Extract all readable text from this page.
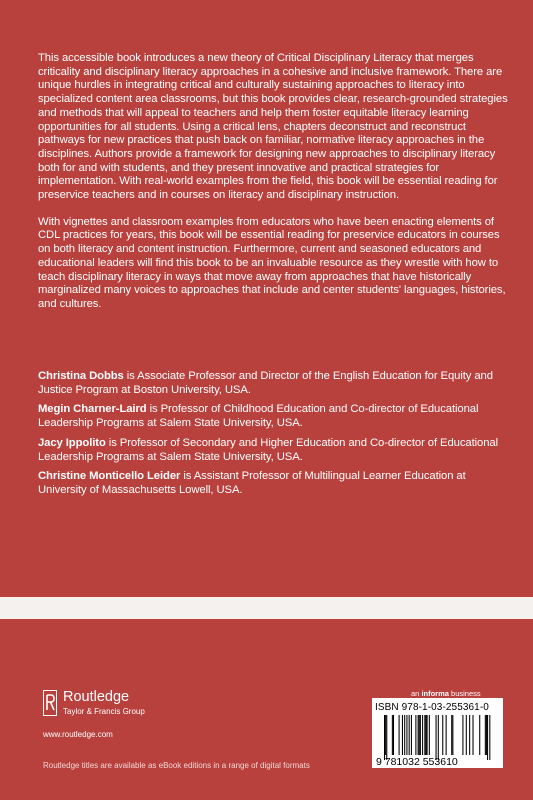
This accessible book introduces a new theory of Critical Disciplinary Literacy that merges criticality and disciplinary literacy approaches in a cohesive and inclusive framework. There are unique hurdles in integrating critical and culturally sustaining approaches to literacy into specialized content area classrooms, but this book provides clear, research-grounded strategies and methods that will appeal to teachers and help them foster equitable literacy learning opportunities for all students. Using a critical lens, chapters deconstruct and reconstruct pathways for new practices that push back on familiar, normative literacy approaches in the disciplines. Authors provide a framework for designing new approaches to disciplinary literacy both for and with students, and they present innovative and practical strategies for implementation. With real-world examples from the field, this book will be essential reading for preservice teachers and in courses on literacy and disciplinary instruction.

With vignettes and classroom examples from educators who have been enacting elements of CDL practices for years, this book will be essential reading for preservice educators in courses on both literacy and content instruction. Furthermore, current and seasoned educators and educational leaders will find this book to be an invaluable resource as they wrestle with how to teach disciplinary literacy in ways that move away from approaches that have historically marginalized many voices to approaches that include and center students' languages, histories, and cultures.

Christina Dobbs is Associate Professor and Director of the English Education for Equity and Justice Program at Boston University, USA.

Megin Charner-Laird is Professor of Childhood Education and Co-director of Educational Leadership Programs at Salem State University, USA.

Jacy Ippolito is Professor of Secondary and Higher Education and Co-director of Educational Leadership Programs at Salem State University, USA.

Christine Monticello Leider is Assistant Professor of Multilingual Learner Education at University of Massachusetts Lowell, USA.

Routledge
Taylor & Francis Group
www.routledge.com
Routledge titles are available as eBook editions in a range of digital formats
an informa business
ISBN 978-1-03-255361-0
9 781032 553610
